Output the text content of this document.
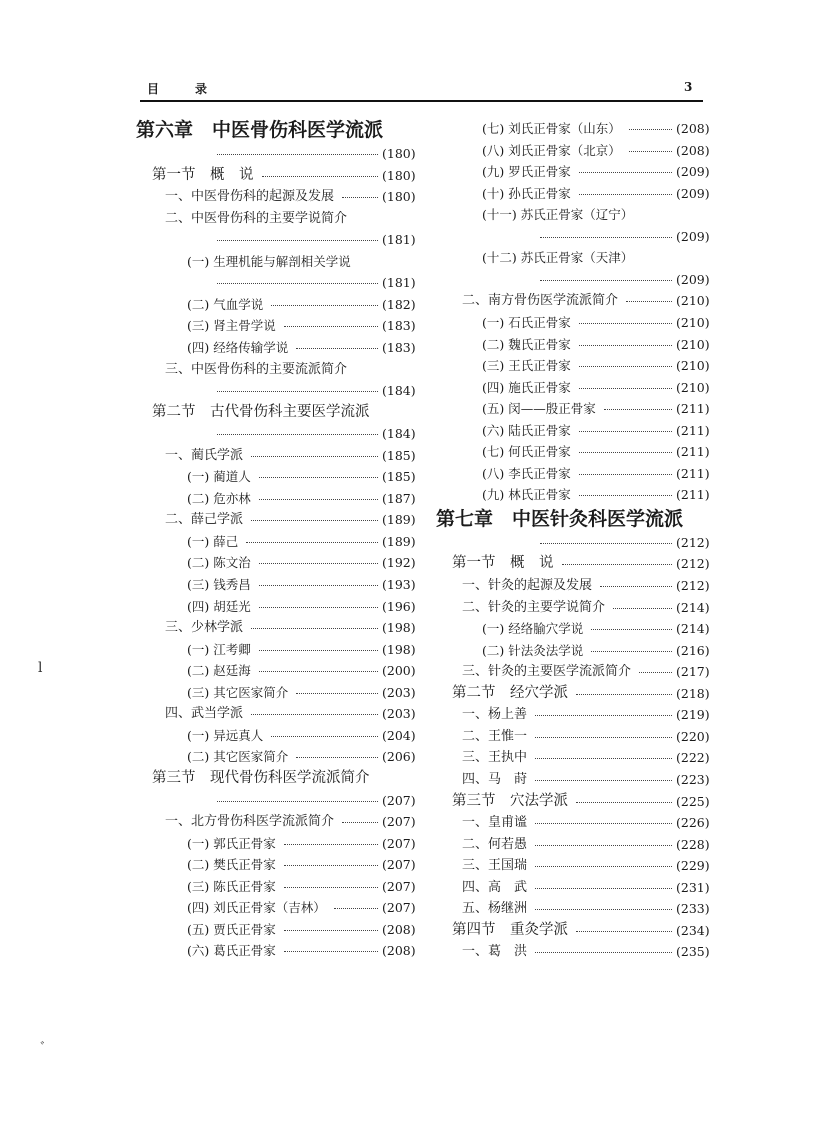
目　录	3
第六章　中医骨伤科医学流派
(180)
第一节　概　说	(180)
一、中医骨伤科的起源及发展	(180)
二、中医骨伤科的主要学说简介
(181)
(一) 生理机能与解剖相关学说
(181)
(二) 气血学说	(182)
(三) 肾主骨学说	(183)
(四) 经络传输学说	(183)
三、中医骨伤科的主要流派简介
(184)
第二节　古代骨伤科主要医学流派
(184)
一、蔺氏学派	(185)
(一) 蔺道人	(185)
(二) 危亦林	(187)
二、薛己学派	(189)
(一) 薛己	(189)
(二) 陈文治	(192)
(三) 钱秀昌	(193)
(四) 胡廷光	(196)
三、少林学派	(198)
(一) 江考卿	(198)
(二) 赵廷海	(200)
(三) 其它医家简介	(203)
四、武当学派	(203)
(一) 异远真人	(204)
(二) 其它医家简介	(206)
第三节　现代骨伤科医学流派简介
(207)
一、北方骨伤科医学流派简介	(207)
(一) 郭氏正骨家	(207)
(二) 樊氏正骨家	(207)
(三) 陈氏正骨家	(207)
(四) 刘氏正骨家（吉林）	(207)
(五) 贾氏正骨家	(208)
(六) 葛氏正骨家	(208)
(七) 刘氏正骨家（山东）	(208)
(八) 刘氏正骨家（北京）	(208)
(九) 罗氏正骨家	(209)
(十) 孙氏正骨家	(209)
(十一) 苏氏正骨家（辽宁）
(209)
(十二) 苏氏正骨家（天津）
(209)
二、南方骨伤医学流派简介	(210)
(一) 石氏正骨家	(210)
(二) 魏氏正骨家	(210)
(三) 王氏正骨家	(210)
(四) 施氏正骨家	(210)
(五) 闵——殷正骨家	(211)
(六) 陆氏正骨家	(211)
(七) 何氏正骨家	(211)
(八) 李氏正骨家	(211)
(九) 林氏正骨家	(211)
第七章　中医针灸科医学流派
(212)
第一节　概　说	(212)
一、针灸的起源及发展	(212)
二、针灸的主要学说简介	(214)
(一) 经络腧穴学说	(214)
(二) 针法灸法学说	(216)
三、针灸的主要医学流派简介	(217)
第二节　经穴学派	(218)
一、杨上善	(219)
二、王惟一	(220)
三、王执中	(222)
四、马　莳	(223)
第三节　穴法学派	(225)
一、皇甫谧	(226)
二、何若愚	(228)
三、王国瑞	(229)
四、高　武	(231)
五、杨继洲	(233)
第四节　重灸学派	(234)
一、葛　洪	(235)
ⅼ
ﾞ
